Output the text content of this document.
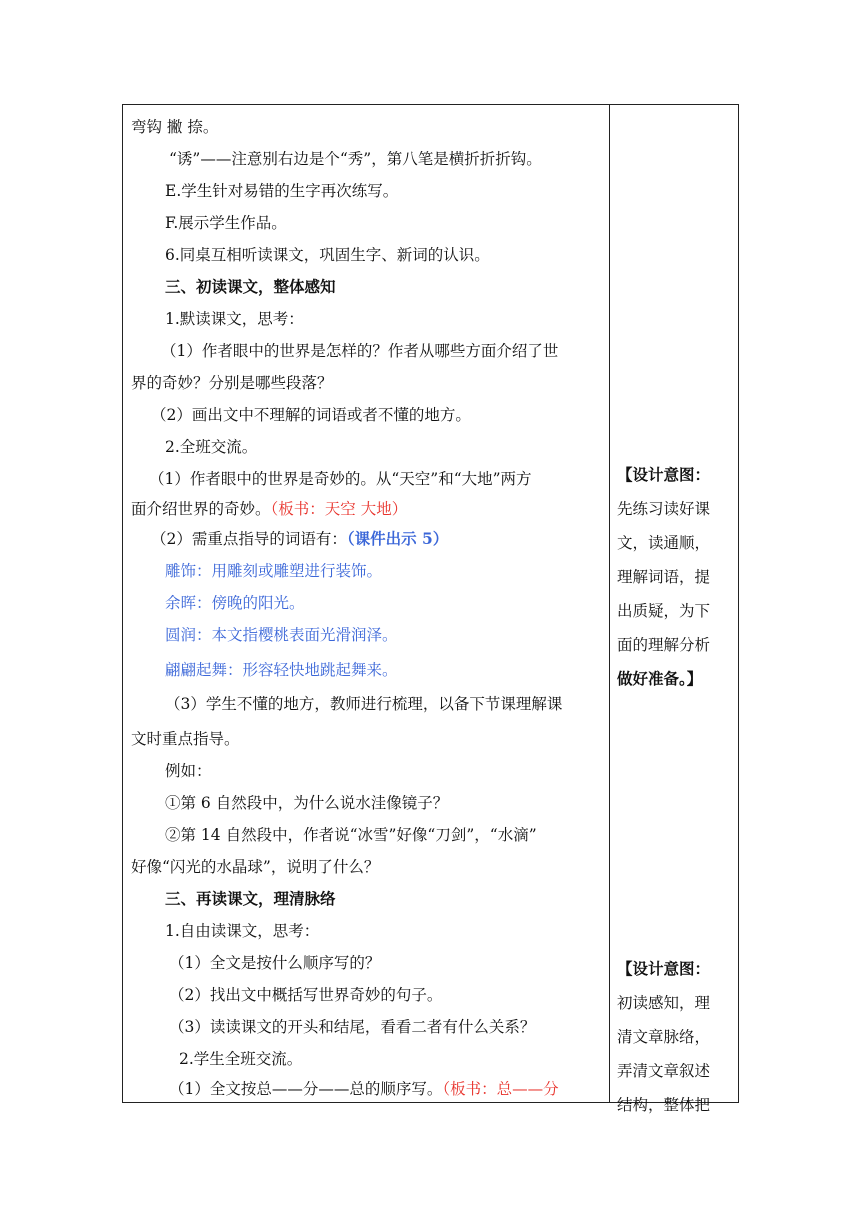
弯钩 撇 捺。
“诱”——注意别右边是个“秀”，第八笔是横折折折钩。
E.学生针对易错的生字再次练写。
F.展示学生作品。
6.同桌互相听读课文，巩固生字、新词的认识。
三、初读课文，整体感知
1.默读课文，思考：
（1）作者眼中的世界是怎样的？作者从哪些方面介绍了世
界的奇妙？分别是哪些段落？
（2）画出文中不理解的词语或者不懂的地方。
2.全班交流。
（1）作者眼中的世界是奇妙的。从“天空”和“大地”两方
面介绍世界的奇妙。（板书：天空 大地）
（2）需重点指导的词语有：（课件出示 5）
雕饰：用雕刻或雕塑进行装饰。
余晖：傍晚的阳光。
圆润：本文指樱桃表面光滑润泽。
翩翩起舞：形容轻快地跳起舞来。
（3）学生不懂的地方，教师进行梳理，以备下节课理解课
文时重点指导。
例如：
①第 6 自然段中，为什么说水洼像镜子？
②第 14 自然段中，作者说“冰雪”好像“刀剑”，“水滴”
好像“闪光的水晶球”，说明了什么？
三、再读课文，理清脉络
1.自由读课文，思考：
（1）全文是按什么顺序写的？
（2）找出文中概括写世界奇妙的句子。
（3）读读课文的开头和结尾，看看二者有什么关系？
2.学生全班交流。
（1）全文按总——分——总的顺序写。（板书：总——分
【设计意图：
先练习读好课
文，读通顺，
理解词语，提
出质疑，为下
面的理解分析
做好准备。】
【设计意图：
初读感知，理
清文章脉络，
弄清文章叙述
结构，整体把
